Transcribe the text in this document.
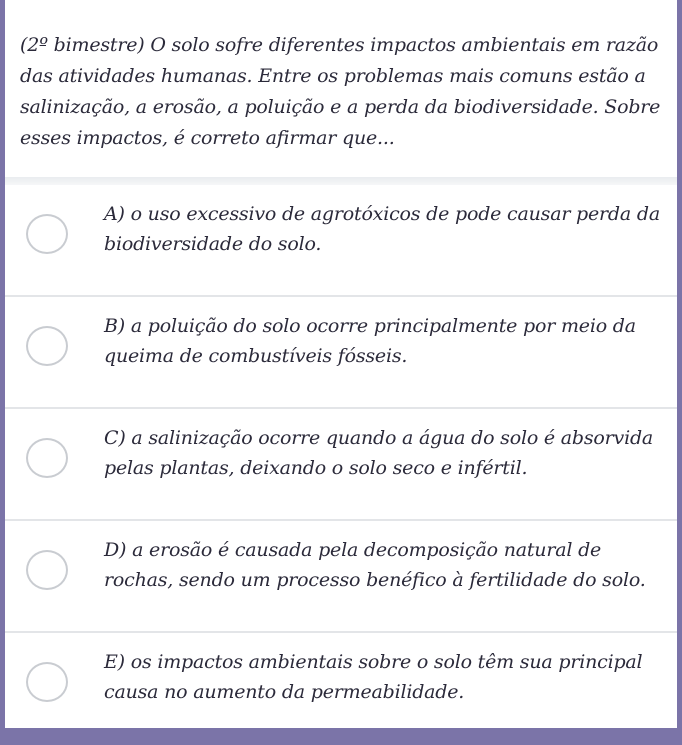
(2º bimestre) O solo sofre diferentes impactos ambientais em razão das atividades humanas. Entre os problemas mais comuns estão a salinização, a erosão, a poluição e a perda da biodiversidade. Sobre esses impactos, é correto afirmar que...
A) o uso excessivo de agrotóxicos de pode causar perda da biodiversidade do solo.
B) a poluição do solo ocorre principalmente por meio da queima de combustíveis fósseis.
C) a salinização ocorre quando a água do solo é absorvida pelas plantas, deixando o solo seco e infértil.
D) a erosão é causada pela decomposição natural de rochas, sendo um processo benéfico à fertilidade do solo.
E) os impactos ambientais sobre o solo têm sua principal causa no aumento da permeabilidade.
